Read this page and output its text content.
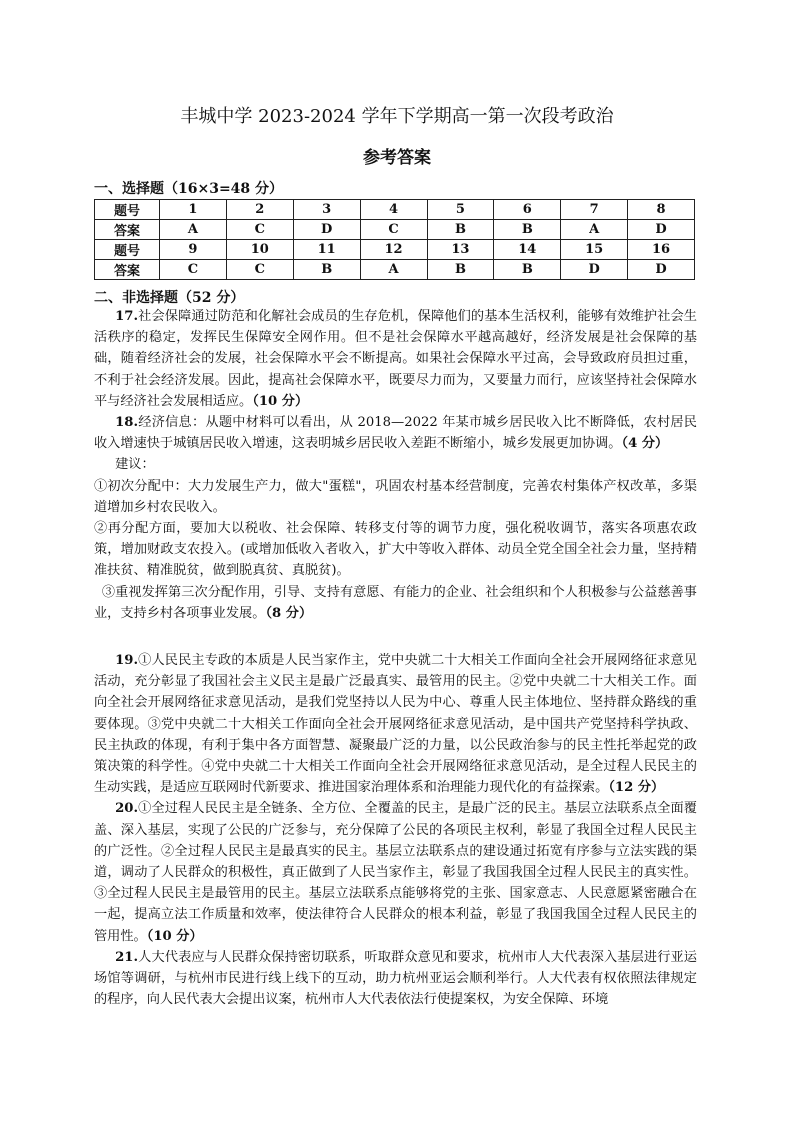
丰城中学 2023-2024 学年下学期高一第一次段考政治
参考答案
一、选择题（16×3=48 分）
题号	1	2	3	4	5	6	7	8
答案	A	C	D	C	B	B	A	D
题号	9	10	11	12	13	14	15	16
答案	C	C	B	A	B	B	D	D
二、非选择题（52 分）

17.社会保障通过防范和化解社会成员的生存危机，保障他们的基本生活权利，能够有效维护社会生活秩序的稳定，发挥民生保障安全网作用。但不是社会保障水平越高越好，经济发展是社会保障的基础，随着经济社会的发展，社会保障水平会不断提高。如果社会保障水平过高，会导致政府员担过重，不利于社会经济发展。因此，提高社会保障水平，既要尽力而为，又要量力而行，应该坚持社会保障水平与经济社会发展相适应。（10 分）

18.经济信息：从题中材料可以看出，从 2018—2022 年某市城乡居民收入比不断降低，农村居民收入增速快于城镇居民收入增速，这表明城乡居民收入差距不断缩小，城乡发展更加协调。（4 分）

建议：

①初次分配中：大力发展生产力，做大"蛋糕"，巩固农村基本经营制度，完善农村集体产权改革，多渠道增加乡村农民收入。

②再分配方面，要加大以税收、社会保障、转移支付等的调节力度，强化税收调节，落实各项惠农政策，增加财政支农投入。(或增加低收入者收入，扩大中等收入群体、动员全党全国全社会力量，坚持精准扶贫、精准脱贫，做到脱真贫、真脱贫)。

③重视发挥第三次分配作用，引导、支持有意愿、有能力的企业、社会组织和个人积极参与公益慈善事业，支持乡村各项事业发展。（8 分）

19.①人民民主专政的本质是人民当家作主，党中央就二十大相关工作面向全社会开展网络征求意见活动，充分彰显了我国社会主义民主是最广泛最真实、最管用的民主。②党中央就二十大相关工作。面向全社会开展网络征求意见活动，是我们党坚持以人民为中心、尊重人民主体地位、坚持群众路线的重要体现。③党中央就二十大相关工作面向全社会开展网络征求意见活动，是中国共产党坚持科学执政、民主执政的体现，有利于集中各方面智慧、凝聚最广泛的力量，以公民政治参与的民主性托举起党的政策决策的科学性。④党中央就二十大相关工作面向全社会开展网络征求意见活动，是全过程人民民主的生动实践，是适应互联网时代新要求、推进国家治理体系和治理能力现代化的有益探索。（12 分）

20.①全过程人民民主是全链条、全方位、全覆盖的民主，是最广泛的民主。基层立法联系点全面覆盖、深入基层，实现了公民的广泛参与，充分保障了公民的各项民主权利，彰显了我国全过程人民民主的广泛性。②全过程人民民主是最真实的民主。基层立法联系点的建设通过拓宽有序参与立法实践的渠道，调动了人民群众的积极性，真正做到了人民当家作主，彰显了我国我国全过程人民民主的真实性。③全过程人民民主是最管用的民主。基层立法联系点能够将党的主张、国家意志、人民意愿紧密融合在一起，提高立法工作质量和效率，使法律符合人民群众的根本利益，彰显了我国我国全过程人民民主的管用性。（10 分）

21.人大代表应与人民群众保持密切联系，听取群众意见和要求，杭州市人大代表深入基层进行亚运场馆等调研，与杭州市民进行线上线下的互动，助力杭州亚运会顺利举行。人大代表有权依照法律规定的程序，向人民代表大会提出议案，杭州市人大代表依法行使提案权，为安全保障、环境
